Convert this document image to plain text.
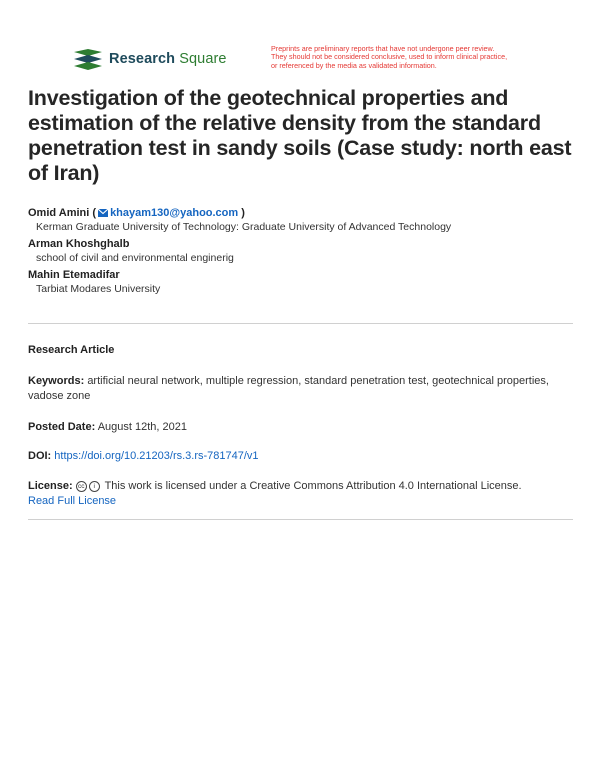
Research Square
Preprints are preliminary reports that have not undergone peer review.
They should not be considered conclusive, used to inform clinical practice,
or referenced by the media as validated information.
Investigation of the geotechnical properties and estimation of the relative density from the standard penetration test in sandy soils (Case study: north east of Iran)
Omid Amini ( khayam130@yahoo.com )
Kerman Graduate University of Technology: Graduate University of Advanced Technology
Arman Khoshghalb
school of civil and environmental enginerig
Mahin Etemadifar
Tarbiat Modares University
Research Article
Keywords: artificial neural network, multiple regression, standard penetration test, geotechnical properties, vadose zone
Posted Date: August 12th, 2021
DOI: https://doi.org/10.21203/rs.3.rs-781747/v1
License: cc i This work is licensed under a Creative Commons Attribution 4.0 International License.
Read Full License
